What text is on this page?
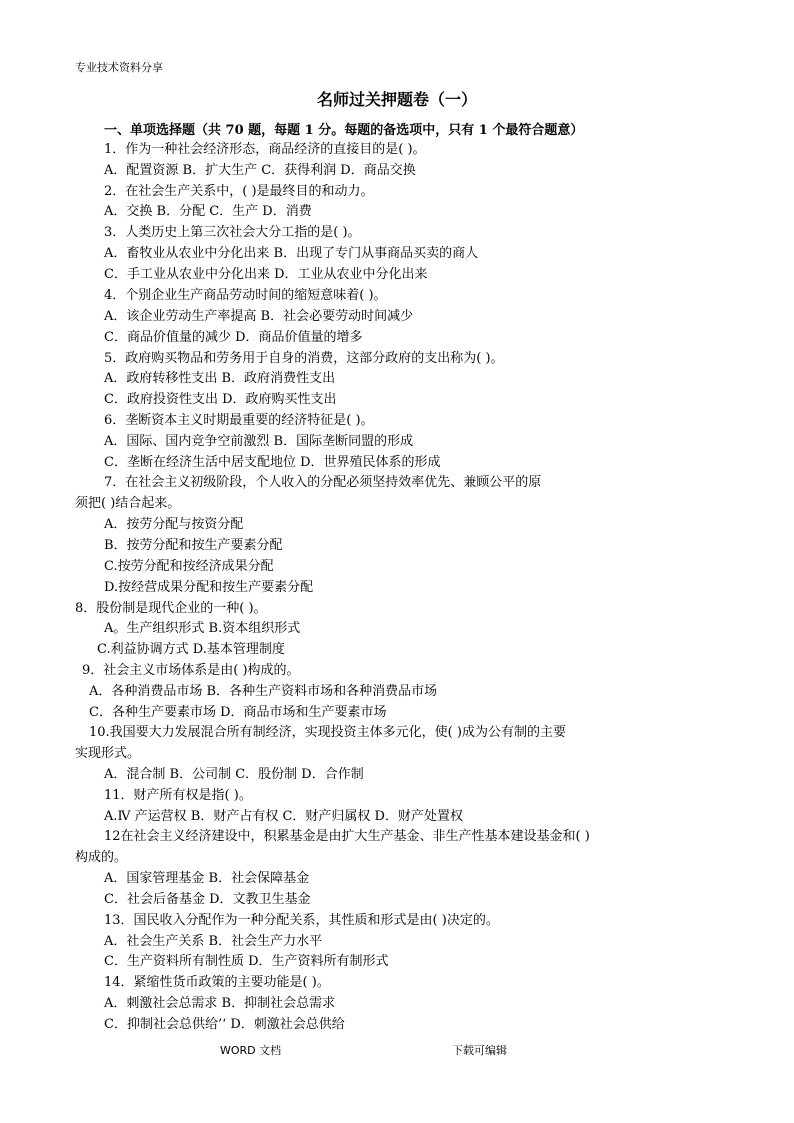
专业技术资料分享
名师过关押题卷（一）
一、单项选择题（共 70 题，每题 1 分。每题的备选项中，只有 1 个最符合题意）
1．作为一种社会经济形态，商品经济的直接目的是( )。
A．配置资源 B．扩大生产 C．获得利润 D．商品交换
2．在社会生产关系中，( )是最终目的和动力。
A．交换 B．分配 C．生产 D．消费
3．人类历史上第三次社会大分工指的是( )。
A．畜牧业从农业中分化出来 B．出现了专门从事商品买卖的商人
C．手工业从农业中分化出来 D．工业从农业中分化出来
4．个别企业生产商品劳动时间的缩短意味着( )。
A．该企业劳动生产率提高 B．社会必要劳动时间减少
C．商品价值量的减少 D．商品价值量的增多
5．政府购买物品和劳务用于自身的消费，这部分政府的支出称为( )。
A．政府转移性支出 B．政府消费性支出
C．政府投资性支出 D．政府购买性支出
6．垄断资本主义时期最重要的经济特征是( )。
A．国际、国内竞争空前激烈 B．国际垄断同盟的形成
C．垄断在经济生活中居支配地位 D．世界殖民体系的形成
7．在社会主义初级阶段，个人收入的分配必须坚持效率优先、兼顾公平的原
须把( )结合起来。
A．按劳分配与按资分配
B．按劳分配和按生产要素分配
C.按劳分配和按经济成果分配
D.按经营成果分配和按生产要素分配
8．股份制是现代企业的一种( )。
A。生产组织形式 B.资本组织形式
C.利益协调方式 D.基本管理制度
9．社会主义市场体系是由( )构成的。
A．各种消费品市场 B．各种生产资料市场和各种消费品市场
C．各种生产要素市场 D．商品市场和生产要素市场
10.我国要大力发展混合所有制经济，实现投资主体多元化，使( )成为公有制的主要
实现形式。
A．混合制 B．公司制 C．股份制 D．合作制
11．财产所有权是指( )。
A.Ⅳ 产运营权 B．财产占有权 C．财产归属权 D．财产处置权
12在社会主义经济建设中，积累基金是由扩大生产基金、非生产性基本建设基金和( )
构成的。
A．国家管理基金 B．社会保障基金
C．社会后备基金 D．文教卫生基金
13．国民收入分配作为一种分配关系，其性质和形式是由( )决定的。
A．社会生产关系 B．社会生产力水平
C．生产资料所有制性质 D．生产资料所有制形式
14．紧缩性货币政策的主要功能是( )。
A．刺激社会总需求 B．抑制社会总需求
C．抑制社会总供给’‘ D．刺激社会总供给
WORD 文档	下载可编辑
